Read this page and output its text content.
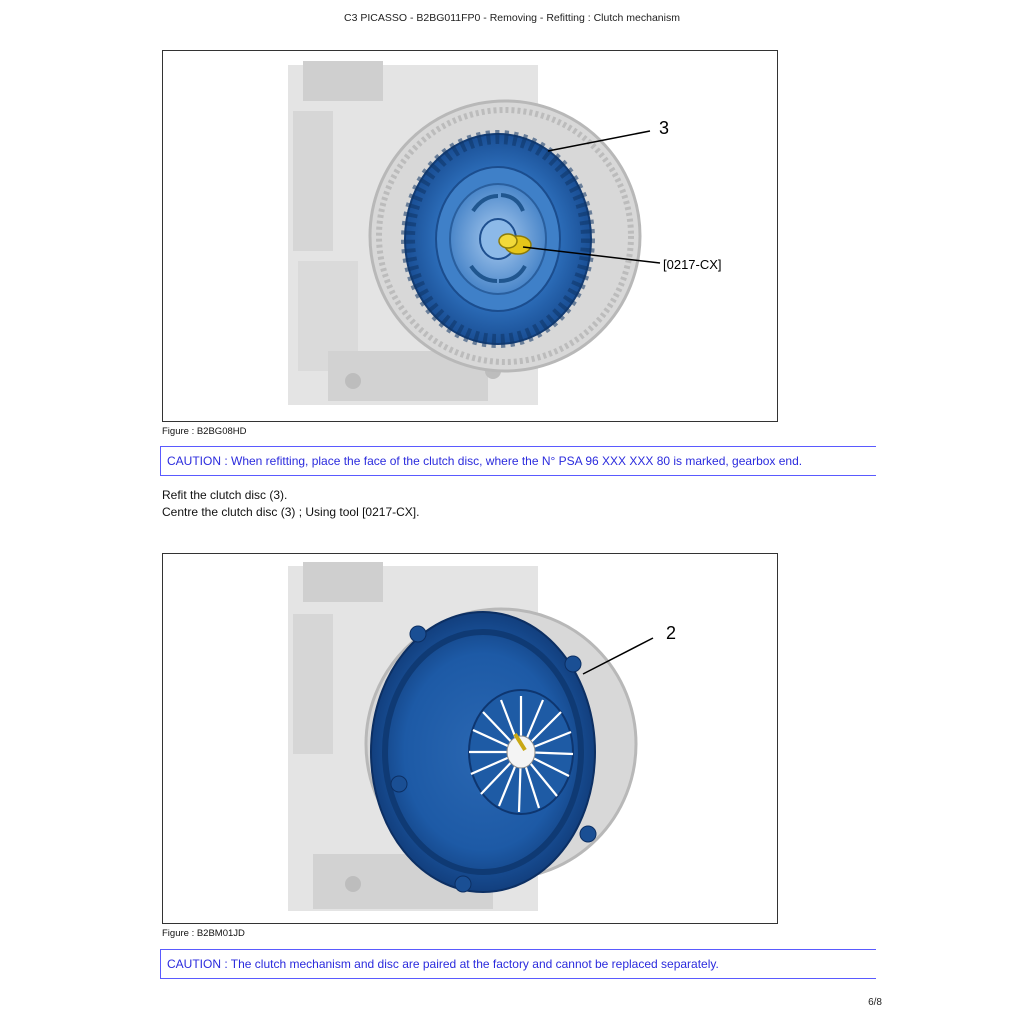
C3 PICASSO - B2BG011FP0 - Removing - Refitting : Clutch mechanism
3
[0217-CX]
Figure : B2BG08HD
CAUTION : When refitting, place the face of the clutch disc, where the N° PSA 96 XXX XXX 80 is marked, gearbox end.
Refit the clutch disc (3).
Centre the clutch disc (3) ; Using tool [0217-CX].
2
Figure : B2BM01JD
CAUTION : The clutch mechanism and disc are paired at the factory and cannot be replaced separately.
6/8
